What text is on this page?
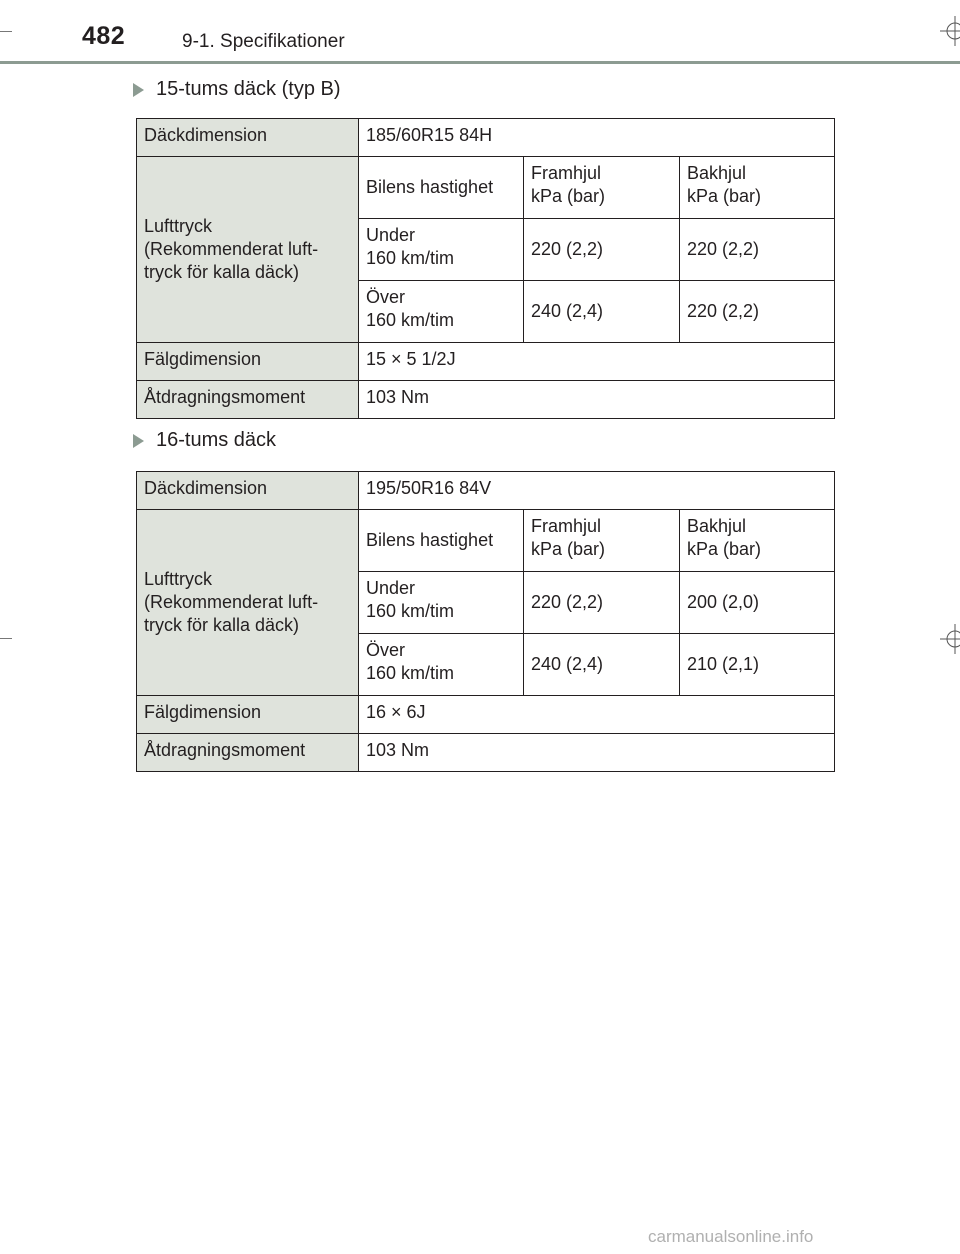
482	9-1. Specifikationer
15-tums däck (typ B)
Däckdimension	185/60R15 84H		

Lufttryck
(Rekommenderat luft-
tryck för kalla däck)	Bilens hastighet	Framhjul
kPa (bar)	Bakhjul
kPa (bar)

	Under
160 km/tim	220 (2,2)	220 (2,2)

	Över
160 km/tim	240 (2,4)	220 (2,2)
Fälgdimension	15 × 5 1/2J		
Åtdragningsmoment	103 Nm		
16-tums däck
Däckdimension	195/50R16 84V		

Lufttryck
(Rekommenderat luft-
tryck för kalla däck)	Bilens hastighet	Framhjul
kPa (bar)	Bakhjul
kPa (bar)

	Under
160 km/tim	220 (2,2)	200 (2,0)

	Över
160 km/tim	240 (2,4)	210 (2,1)
Fälgdimension	16 × 6J		
Åtdragningsmoment	103 Nm		
carmanualsonline.info
